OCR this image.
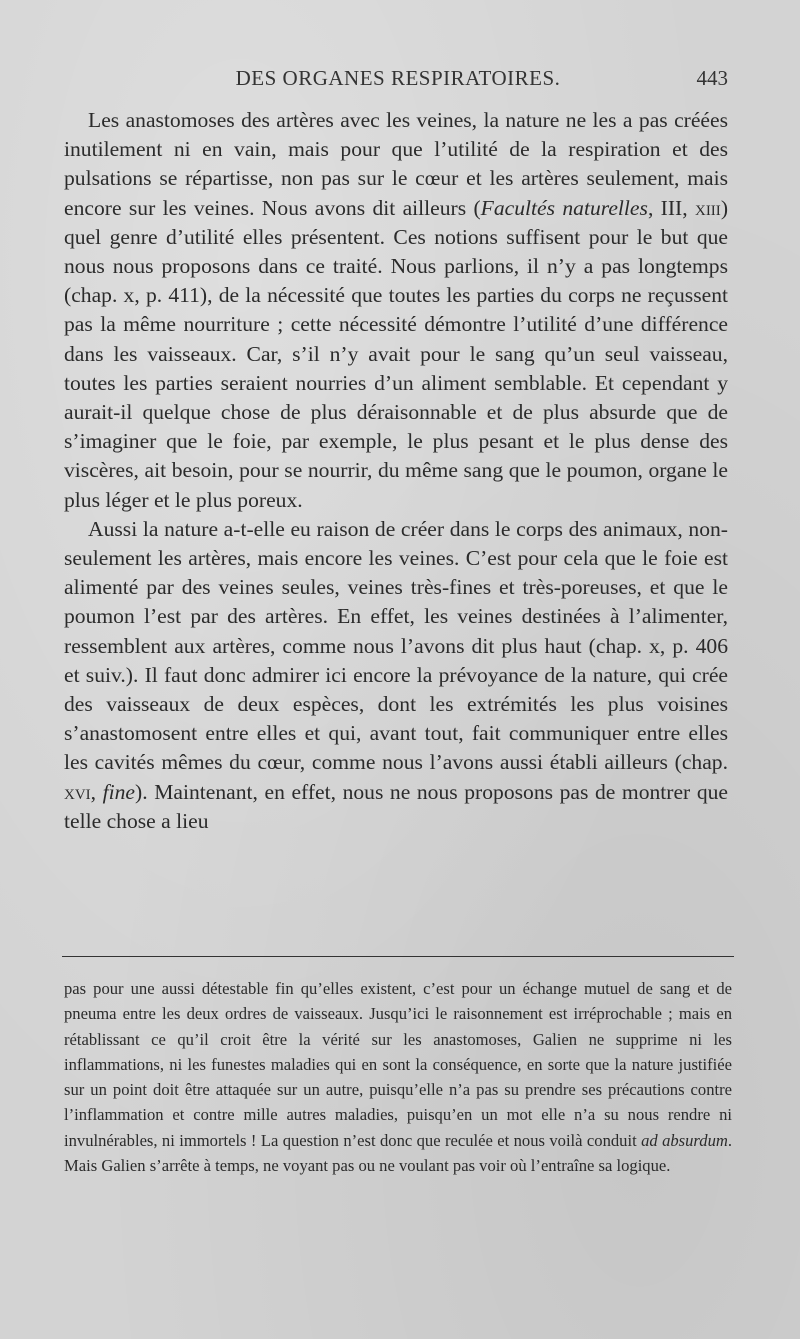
DES ORGANES RESPIRATOIRES.	443

Les anastomoses des artères avec les veines, la nature ne les a pas créées inutilement ni en vain, mais pour que l’utilité de la respiration et des pulsations se répartisse, non pas sur le cœur et les artères seulement, mais encore sur les veines. Nous avons dit ailleurs (Facultés naturelles, III, xiii) quel genre d’utilité elles présentent. Ces notions suffisent pour le but que nous nous proposons dans ce traité. Nous parlions, il n’y a pas longtemps (chap. x, p. 411), de la nécessité que toutes les parties du corps ne reçussent pas la même nourriture ; cette nécessité démontre l’utilité d’une différence dans les vaisseaux. Car, s’il n’y avait pour le sang qu’un seul vaisseau, toutes les parties seraient nourries d’un aliment semblable. Et cependant y aurait-il quelque chose de plus déraisonnable et de plus absurde que de s’imaginer que le foie, par exemple, le plus pesant et le plus dense des viscères, ait besoin, pour se nourrir, du même sang que le poumon, organe le plus léger et le plus poreux.

Aussi la nature a-t-elle eu raison de créer dans le corps des animaux, non-seulement les artères, mais encore les veines. C’est pour cela que le foie est alimenté par des veines seules, veines très-fines et très-poreuses, et que le poumon l’est par des artères. En effet, les veines destinées à l’alimenter, ressemblent aux artères, comme nous l’avons dit plus haut (chap. x, p. 406 et suiv.). Il faut donc admirer ici encore la prévoyance de la nature, qui crée des vaisseaux de deux espèces, dont les extrémités les plus voisines s’anastomosent entre elles et qui, avant tout, fait communiquer entre elles les cavités mêmes du cœur, comme nous l’avons aussi établi ailleurs (chap. xvi, fine). Maintenant, en effet, nous ne nous proposons pas de montrer que telle chose a lieu

pas pour une aussi détestable fin qu’elles existent, c’est pour un échange mutuel de sang et de pneuma entre les deux ordres de vaisseaux. Jusqu’ici le raisonnement est irréprochable ; mais en rétablissant ce qu’il croit être la vérité sur les anastomoses, Galien ne supprime ni les inflammations, ni les funestes maladies qui en sont la conséquence, en sorte que la nature justifiée sur un point doit être attaquée sur un autre, puisqu’elle n’a pas su prendre ses précautions contre l’inflammation et contre mille autres maladies, puisqu’en un mot elle n’a su nous rendre ni invulnérables, ni immortels ! La question n’est donc que reculée et nous voilà conduit ad absurdum. Mais Galien s’arrête à temps, ne voyant pas ou ne voulant pas voir où l’entraîne sa logique.
